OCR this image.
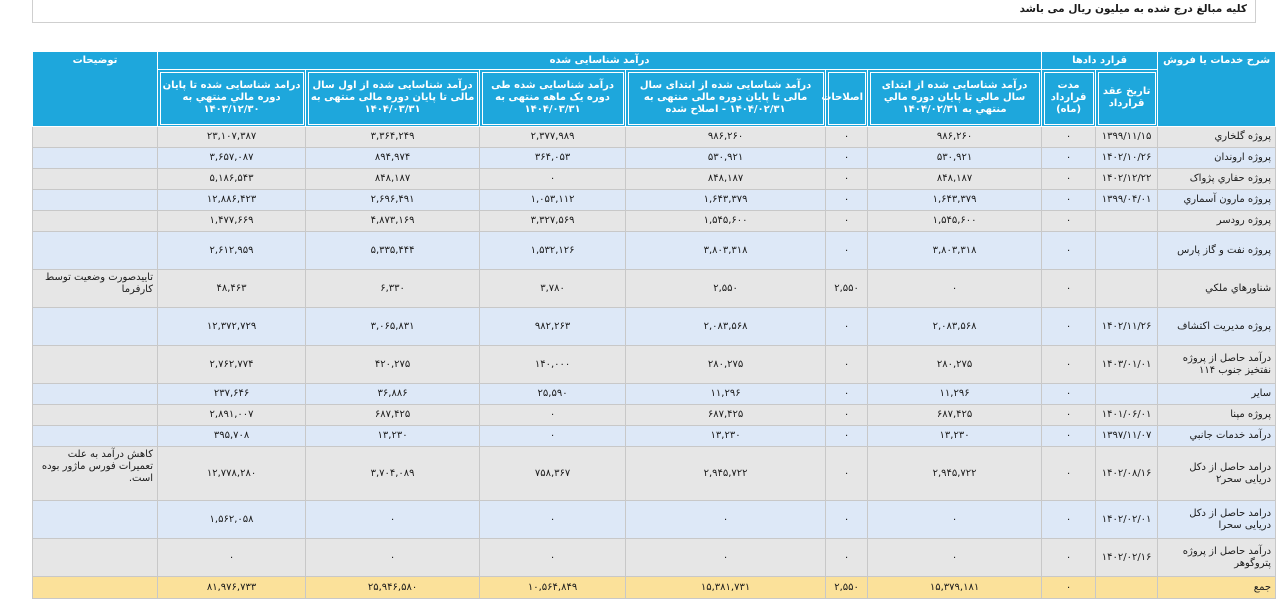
کلیه مبالغ درج شده به میلیون ریال می باشد
شرح خدمات یا فروش	قرارد دادها		درآمد شناسایی شده						توضیحات
	تاریخ عقد قرارداد	مدت قرارداد (ماه)	درآمد شناسایی شده از ابتدای سال مالي تا پایان دوره مالي منتهي به ۱۴۰۴/۰۲/۳۱	اصلاحات	درآمد شناسایی شده از ابتدای سال مالی تا پایان دوره مالی منتهی به ۱۴۰۴/۰۲/۳۱ - اصلاح شده	درآمد شناسایی شده طی دوره یک ماهه منتهی به ۱۴۰۴/۰۳/۳۱	درآمد شناسایی شده از اول سال مالی تا پایان دوره مالی منتهی به ۱۴۰۴/۰۳/۳۱	درامد شناسایی شده تا پایان دوره مالي منتهي به ۱۴۰۳/۱۲/۳۰	
پروژه گلخاري	۱۳۹۹/۱۱/۱۵	۰	۹۸۶,۲۶۰	۰	۹۸۶,۲۶۰	۲,۳۷۷,۹۸۹	۳,۳۶۴,۲۴۹	۲۳,۱۰۷,۳۸۷	
پروژه اروندان	۱۴۰۲/۱۰/۲۶	۰	۵۳۰,۹۲۱	۰	۵۳۰,۹۲۱	۳۶۴,۰۵۳	۸۹۴,۹۷۴	۳,۶۵۷,۰۸۷	
پروژه حفاري پژواک	۱۴۰۲/۱۲/۲۲	۰	۸۴۸,۱۸۷	۰	۸۴۸,۱۸۷	۰	۸۴۸,۱۸۷	۵,۱۸۶,۵۴۳	
پروژه مارون آسماري	۱۳۹۹/۰۴/۰۱	۰	۱,۶۴۳,۳۷۹	۰	۱,۶۴۳,۳۷۹	۱,۰۵۳,۱۱۲	۲,۶۹۶,۴۹۱	۱۲,۸۸۶,۴۲۳	
پروژه رودسر		۰	۱,۵۴۵,۶۰۰	۰	۱,۵۴۵,۶۰۰	۳,۳۲۷,۵۶۹	۴,۸۷۳,۱۶۹	۱,۴۷۷,۶۶۹	
پروژه نفت و گاز پارس		۰	۳,۸۰۳,۳۱۸	۰	۳,۸۰۳,۳۱۸	۱,۵۳۲,۱۲۶	۵,۳۳۵,۴۴۴	۲,۶۱۲,۹۵۹	
شناورهاي ملكي		۰	۰	۲,۵۵۰	۲,۵۵۰	۳,۷۸۰	۶,۳۳۰	۴۸,۴۶۳	تاییدصورت وضعیت توسط کارفرما
پروژه مدیریت اکتشاف	۱۴۰۲/۱۱/۲۶	۰	۲,۰۸۳,۵۶۸	۰	۲,۰۸۳,۵۶۸	۹۸۲,۲۶۳	۳,۰۶۵,۸۳۱	۱۲,۳۷۲,۷۲۹	
درآمد حاصل از پروژه نفتخیز جنوب ۱۱۴	۱۴۰۳/۰۱/۰۱	۰	۲۸۰,۲۷۵	۰	۲۸۰,۲۷۵	۱۴۰,۰۰۰	۴۲۰,۲۷۵	۲,۷۶۲,۷۷۴	
ساير		۰	۱۱,۲۹۶	۰	۱۱,۲۹۶	۲۵,۵۹۰	۳۶,۸۸۶	۲۳۷,۶۴۶	
پروژه مپنا	۱۴۰۱/۰۶/۰۱	۰	۶۸۷,۴۲۵	۰	۶۸۷,۴۲۵	۰	۶۸۷,۴۲۵	۲,۸۹۱,۰۰۷	
درآمد خدمات جانبي	۱۳۹۷/۱۱/۰۷	۰	۱۳,۲۳۰	۰	۱۳,۲۳۰	۰	۱۳,۲۳۰	۳۹۵,۷۰۸	
درامد حاصل از دکل دریایی سحر۲	۱۴۰۲/۰۸/۱۶	۰	۲,۹۴۵,۷۲۲	۰	۲,۹۴۵,۷۲۲	۷۵۸,۳۶۷	۳,۷۰۴,۰۸۹	۱۲,۷۷۸,۲۸۰	کاهش درآمد به علت تعمیرات فورس ماژور بوده است.
درامد حاصل از دکل دریایی سحرا	۱۴۰۲/۰۲/۰۱	۰	۰	۰	۰	۰	۰	۱,۵۶۲,۰۵۸	
درآمد حاصل از پروژه پتروگوهر	۱۴۰۲/۰۲/۱۶	۰	۰	۰	۰	۰	۰	۰	
جمع		۰	۱۵,۳۷۹,۱۸۱	۲,۵۵۰	۱۵,۳۸۱,۷۳۱	۱۰,۵۶۴,۸۴۹	۲۵,۹۴۶,۵۸۰	۸۱,۹۷۶,۷۳۳	
